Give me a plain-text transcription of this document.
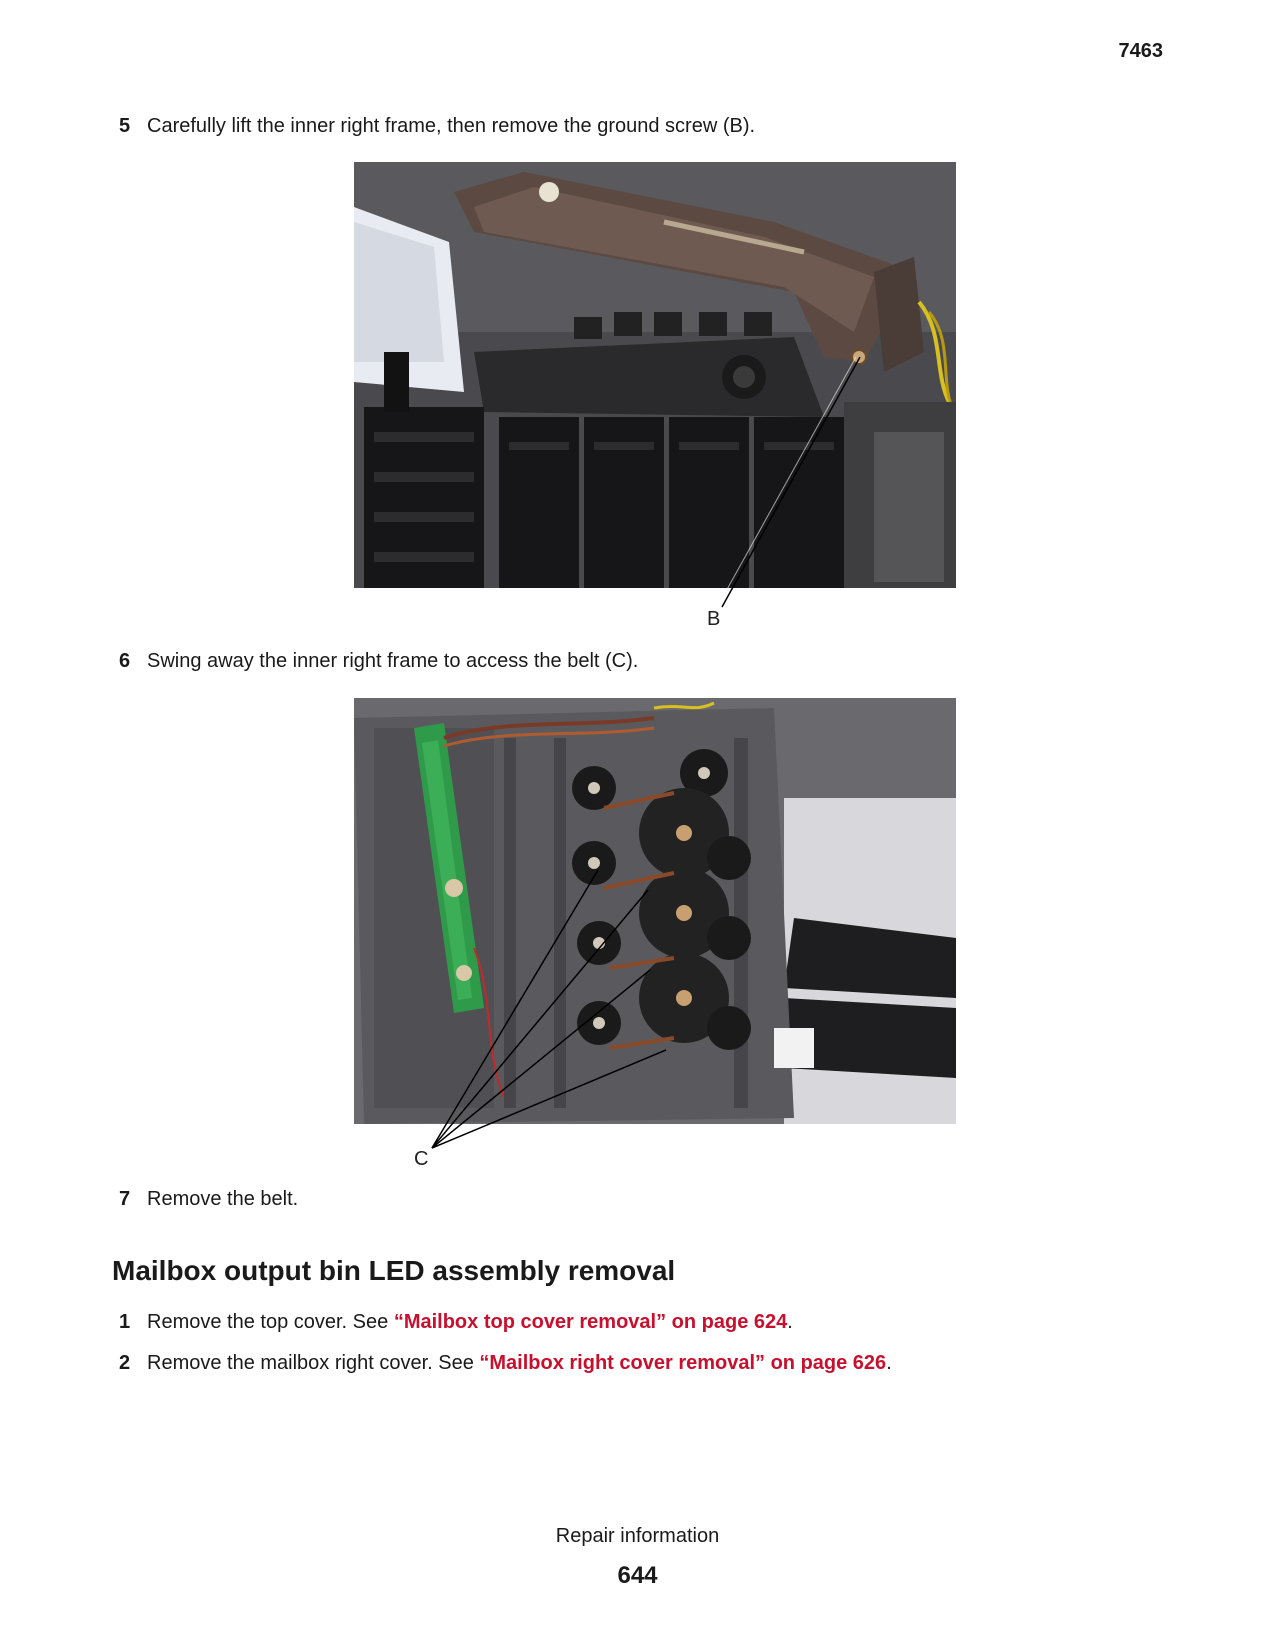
7463
5 Carefully lift the inner right frame, then remove the ground screw (B).
B
6 Swing away the inner right frame to access the belt (C).
C
7 Remove the belt.
Mailbox output bin LED assembly removal
1 Remove the top cover. See “Mailbox top cover removal” on page 624.
2 Remove the mailbox right cover. See “Mailbox right cover removal” on page 626.
Repair information
644
